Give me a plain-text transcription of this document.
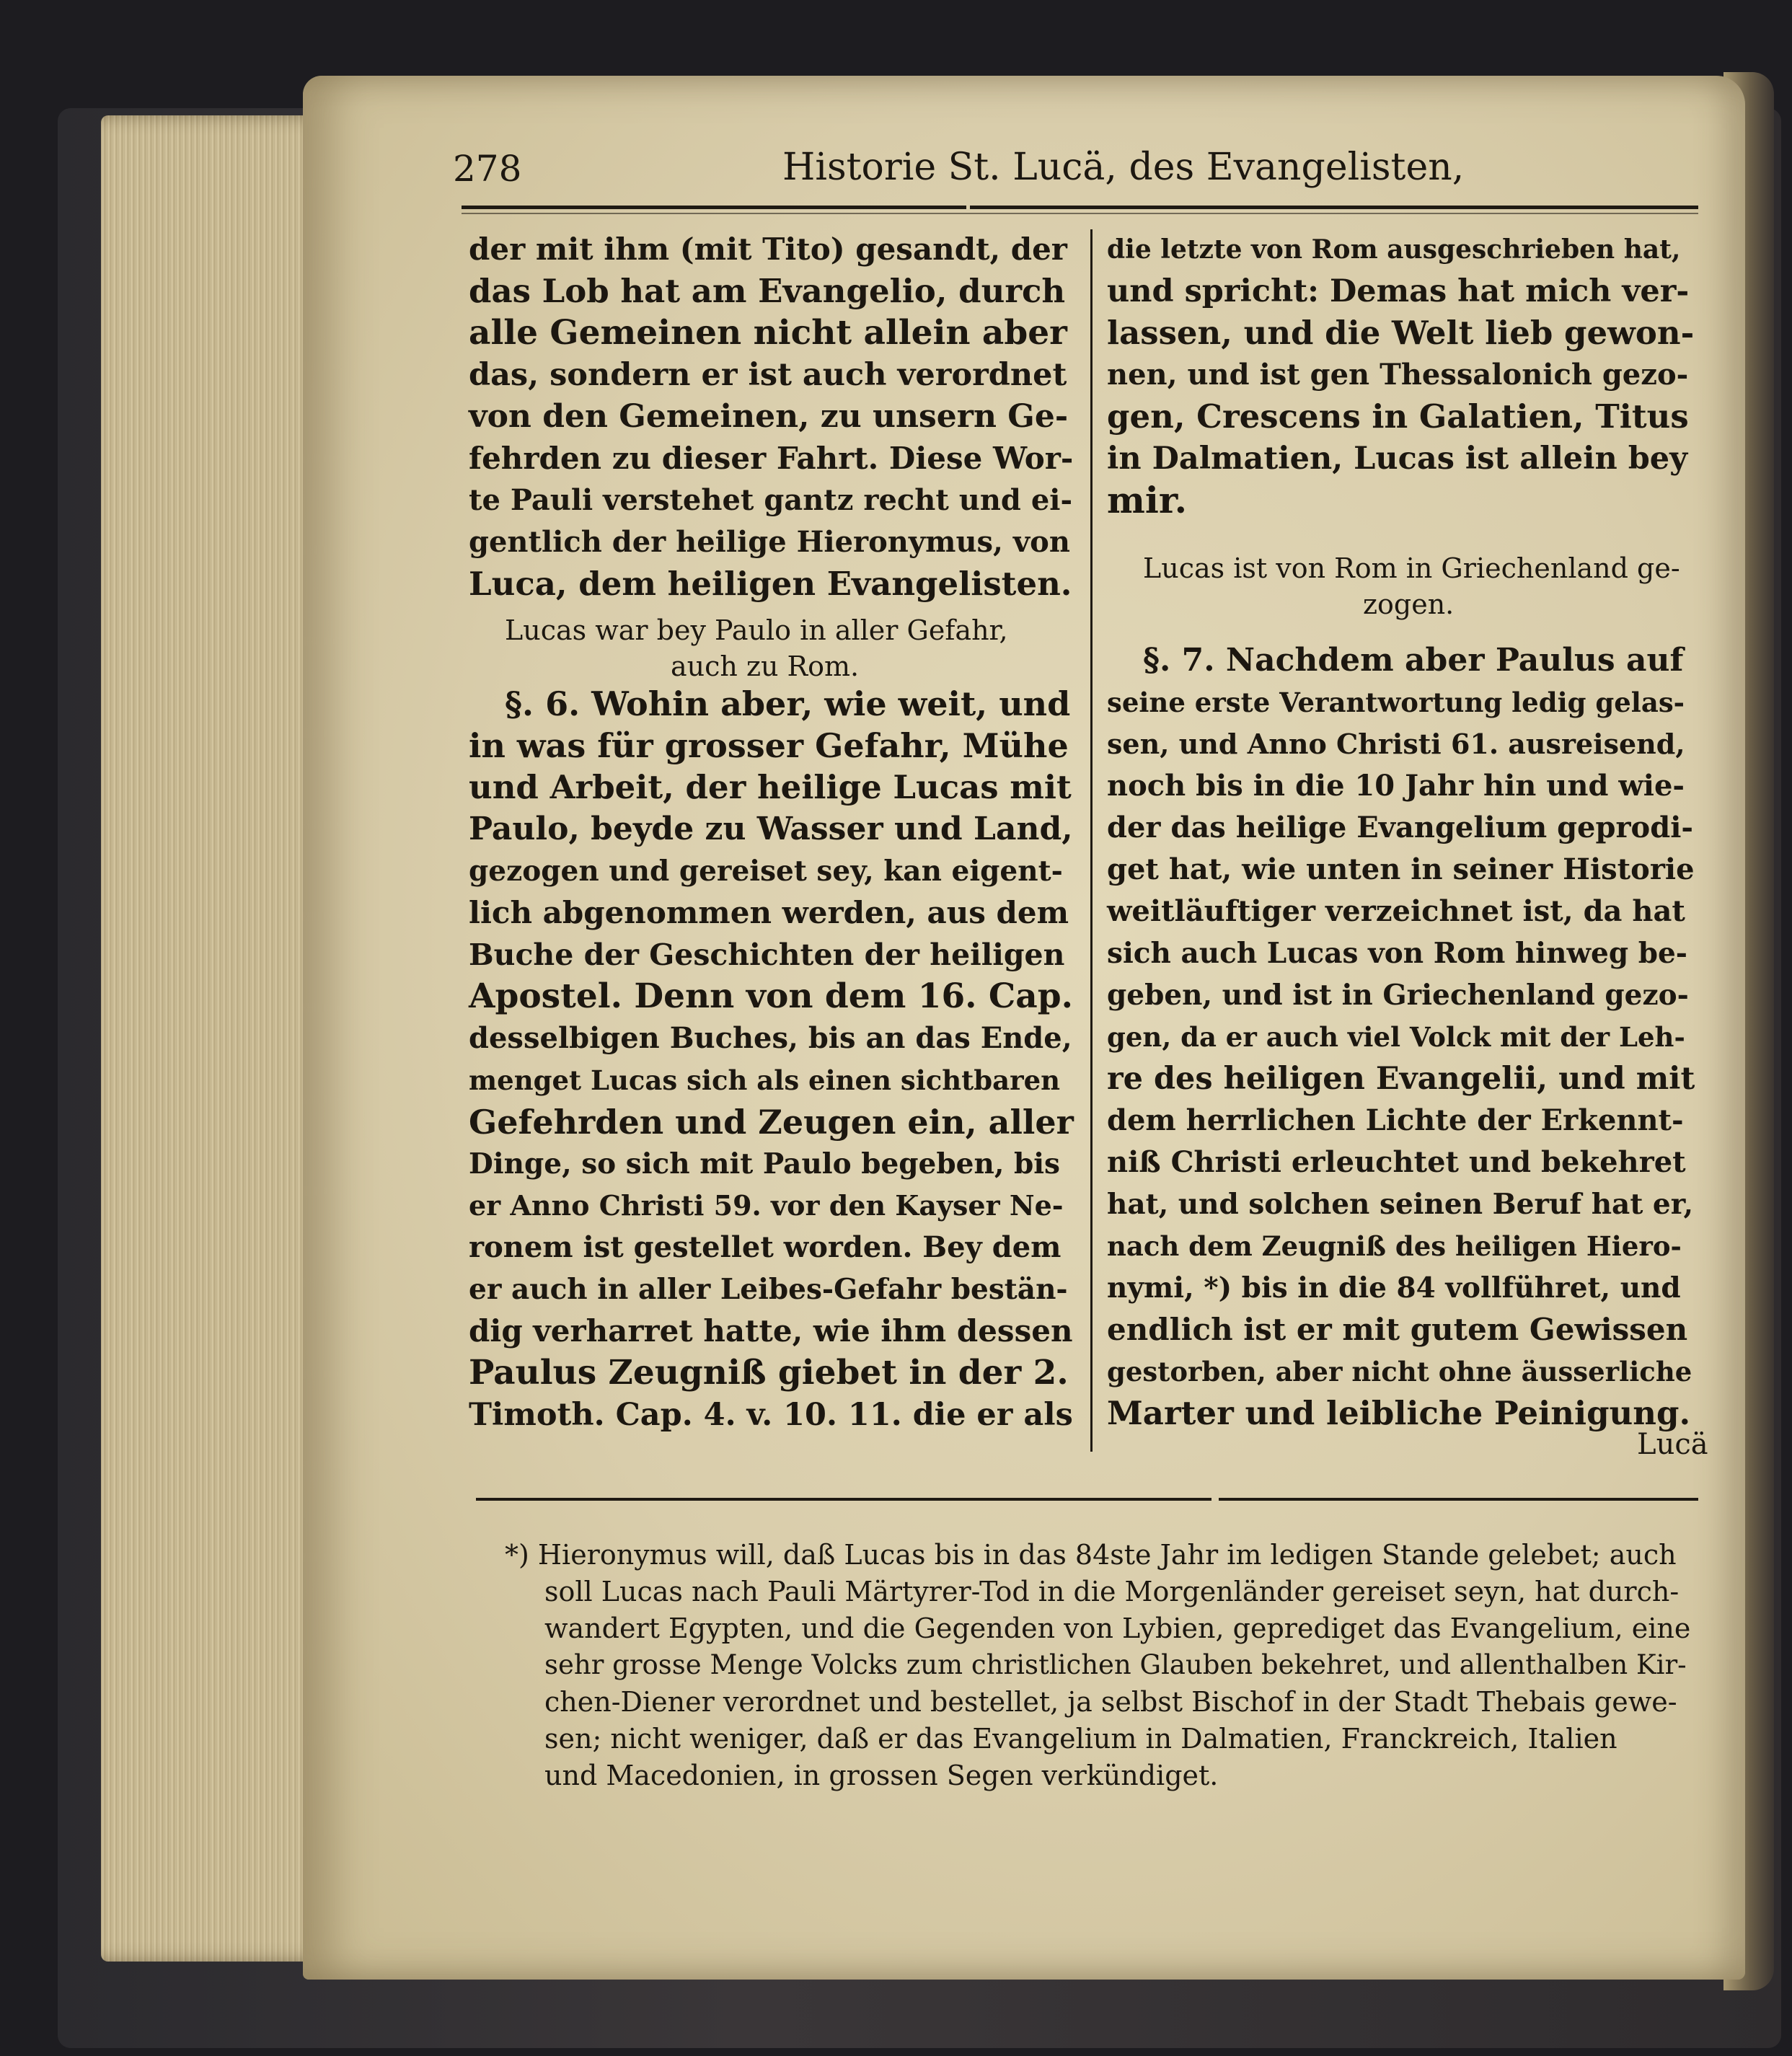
278	Historie St. Lucä, des Evangelisten,
der mit ihm (mit Tito) gesandt, der
das Lob hat am Evangelio, durch
alle Gemeinen nicht allein aber
das, sondern er ist auch verordnet
von den Gemeinen, zu unsern Ge-
fehrden zu dieser Fahrt. Diese Wor-
te Pauli verstehet gantz recht und ei-
gentlich der heilige Hieronymus, von
Luca, dem heiligen Evangelisten.
Lucas war bey Paulo in aller Gefahr,
auch zu Rom.
§. 6. Wohin aber, wie weit, und
in was für grosser Gefahr, Mühe
und Arbeit, der heilige Lucas mit
Paulo, beyde zu Wasser und Land,
gezogen und gereiset sey, kan eigent-
lich abgenommen werden, aus dem
Buche der Geschichten der heiligen
Apostel. Denn von dem 16. Cap.
desselbigen Buches, bis an das Ende,
menget Lucas sich als einen sichtbaren
Gefehrden und Zeugen ein, aller
Dinge, so sich mit Paulo begeben, bis
er Anno Christi 59. vor den Kayser Ne-
ronem ist gestellet worden. Bey dem
er auch in aller Leibes-Gefahr bestän-
dig verharret hatte, wie ihm dessen
Paulus Zeugniß giebet in der 2.
Timoth. Cap. 4. v. 10. 11. die er als
die letzte von Rom ausgeschrieben hat,
und spricht: Demas hat mich ver-
lassen, und die Welt lieb gewon-
nen, und ist gen Thessalonich gezo-
gen, Crescens in Galatien, Titus
in Dalmatien, Lucas ist allein bey
mir.
Lucas ist von Rom in Griechenland ge-
zogen.
§. 7. Nachdem aber Paulus auf
seine erste Verantwortung ledig gelas-
sen, und Anno Christi 61. ausreisend,
noch bis in die 10 Jahr hin und wie-
der das heilige Evangelium geprodi-
get hat, wie unten in seiner Historie
weitläuftiger verzeichnet ist, da hat
sich auch Lucas von Rom hinweg be-
geben, und ist in Griechenland gezo-
gen, da er auch viel Volck mit der Leh-
re des heiligen Evangelii, und mit
dem herrlichen Lichte der Erkennt-
niß Christi erleuchtet und bekehret
hat, und solchen seinen Beruf hat er,
nach dem Zeugniß des heiligen Hiero-
nymi, *) bis in die 84 vollführet, und
endlich ist er mit gutem Gewissen
gestorben, aber nicht ohne äusserliche
Marter und leibliche Peinigung.
Lucä
*) Hieronymus will, daß Lucas bis in das 84ste Jahr im ledigen Stande gelebet; auch
soll Lucas nach Pauli Märtyrer-Tod in die Morgenländer gereiset seyn, hat durch-
wandert Egypten, und die Gegenden von Lybien, geprediget das Evangelium, eine
sehr grosse Menge Volcks zum christlichen Glauben bekehret, und allenthalben Kir-
chen-Diener verordnet und bestellet, ja selbst Bischof in der Stadt Thebais gewe-
sen; nicht weniger, daß er das Evangelium in Dalmatien, Franckreich, Italien
und Macedonien, in grossen Segen verkündiget.
